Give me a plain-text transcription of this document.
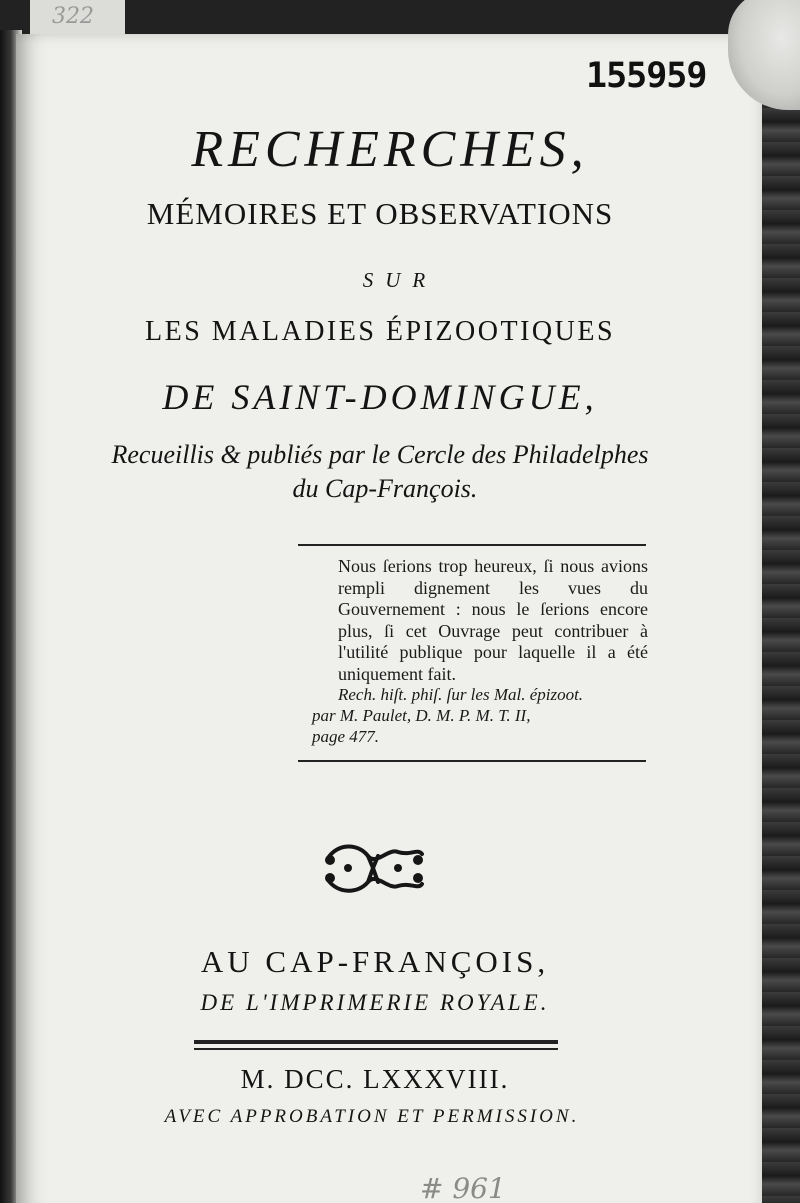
322
155959
RECHERCHES,
MÉMOIRES ET OBSERVATIONS
SUR
LES MALADIES ÉPIZOOTIQUES
DE SAINT-DOMINGUE,
Recueillis & publiés par le Cercle des Philadelphes
du Cap-François.
Nous ſerions trop heureux, ſi nous avions rempli dignement les vues du Gouvernement : nous le ſerions encore plus, ſi cet Ouvrage peut contribuer à l'utilité publique pour laquelle il a été uniquement fait.
Rech. hiſt. phiſ. ſur les Mal. épizoot.
par M. Paulet, D. M. P. M. T. II,
page 477.
AU CAP-FRANÇOIS,
DE L'IMPRIMERIE ROYALE.
M. DCC. LXXXVIII.
AVEC APPROBATION ET PERMISSION.
# 961
